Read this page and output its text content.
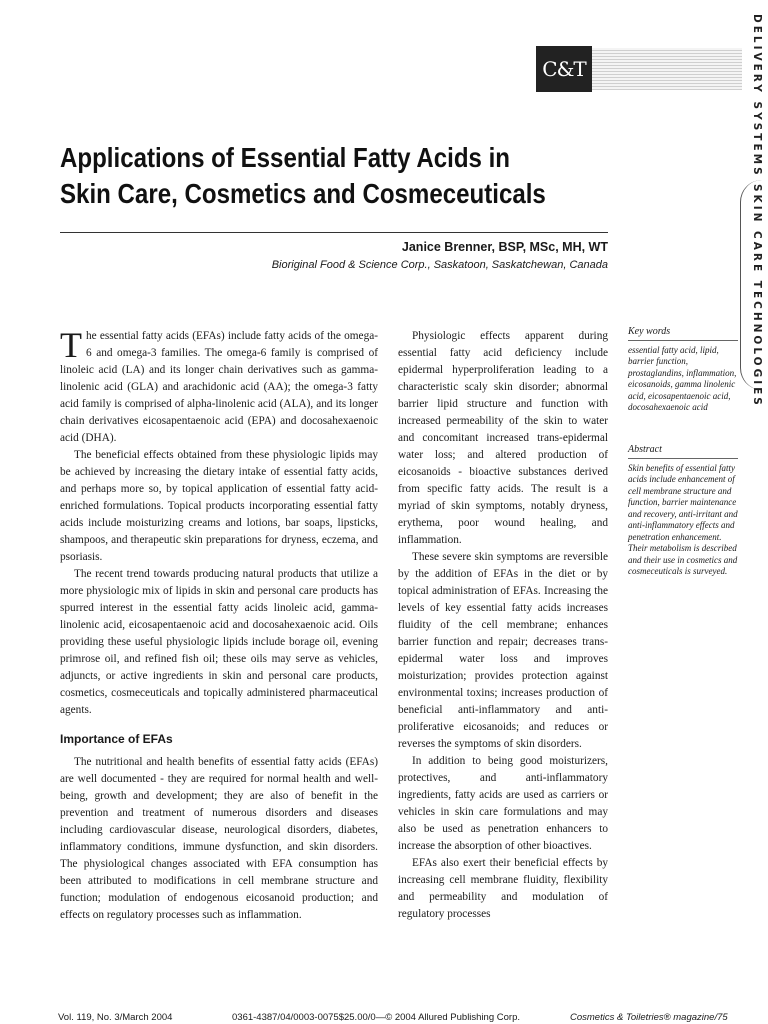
C&T	DELIVERY SYSTEMS
SKIN CARE TECHNOLOGIES
Applications of Essential Fatty Acids in
Skin Care, Cosmetics and Cosmeceuticals
Janice Brenner, BSP, MSc, MH, WT
Bioriginal Food & Science Corp., Saskatoon, Saskatchewan, Canada

The essential fatty acids (EFAs) include fatty acids of the omega-6 and omega-3 families. The omega-6 family is comprised of linoleic acid (LA) and its longer chain derivatives such as gamma-linolenic acid (GLA) and arachidonic acid (AA); the omega-3 fatty acid family is comprised of alpha-linolenic acid (ALA), and its longer chain derivatives eicosapentaenoic acid (EPA) and docosahexaenoic acid (DHA).

The beneficial effects obtained from these physiologic lipids may be achieved by increasing the dietary intake of essential fatty acids, and perhaps more so, by topical application of essential fatty acid-enriched formulations. Topical products incorporating essential fatty acids include moisturizing creams and lotions, bar soaps, lipsticks, shampoos, and therapeutic skin preparations for dryness, eczema, and psoriasis.

The recent trend towards producing natural products that utilize a more physiologic mix of lipids in skin and personal care products has spurred interest in the essential fatty acids linoleic acid, gamma-linolenic acid, eicosapentaenoic acid and docosahexaenoic acid. Oils providing these useful physiologic lipids include borage oil, evening primrose oil, and refined fish oil; these oils may serve as vehicles, adjuncts, or active ingredients in skin and personal care products, cosmetics, cosmeceuticals and topically administered pharmaceutical agents.

Importance of EFAs

The nutritional and health benefits of essential fatty acids (EFAs) are well documented - they are required for normal health and well-being, growth and development; they are also of benefit in the prevention and treatment of numerous disorders and diseases including cardiovascular disease, neurological disorders, diabetes, inflammatory conditions, immune dysfunction, and skin disorders. The physiological changes associated with EFA consumption has been attributed to modifications in cell membrane structure and function; modulation of endogenous eicosanoid production; and effects on regulatory processes such as inflammation.

Physiologic effects apparent during essential fatty acid deficiency include epidermal hyperproliferation leading to a characteristic scaly skin disorder; abnormal barrier lipid structure and function with increased permeability of the skin to water and concomitant increased trans-epidermal water loss; and altered production of eicosanoids - bioactive substances derived from specific fatty acids. The result is a myriad of skin symptoms, notably dryness, erythema, poor wound healing, and inflammation.

These severe skin symptoms are reversible by the addition of EFAs in the diet or by topical administration of EFAs. Increasing the levels of key essential fatty acids increases fluidity of the cell membrane; enhances barrier function and repair; decreases trans-epidermal water loss and improves moisturization; provides protection against environmental toxins; increases production of beneficial anti-inflammatory and anti-proliferative eicosanoids; and reduces or reverses the symptoms of skin disorders.

In addition to being good moisturizers, protectives, and anti-inflammatory ingredients, fatty acids are used as carriers or vehicles in skin care formulations and may also be used as penetration enhancers to increase the absorption of other bioactives.

EFAs also exert their beneficial effects by increasing cell membrane fluidity, flexibility and permeability and modulation of regulatory processes

Key words
essential fatty acid, lipid, barrier function, prostaglandins, inflammation, eicosanoids, gamma linolenic acid, eicosapentaenoic acid, docosahexaenoic acid
Abstract
Skin benefits of essential fatty acids include enhancement of cell membrane structure and function, barrier maintenance and recovery, anti-irritant and anti-inflammatory effects and penetration enhancement. Their metabolism is described and their use in cosmetics and cosmeceuticals is surveyed.
Vol. 119, No. 3/March 2004	0361-4387/04/0003-0075$25.00/0—© 2004 Allured Publishing Corp.	Cosmetics & Toiletries® magazine/75
